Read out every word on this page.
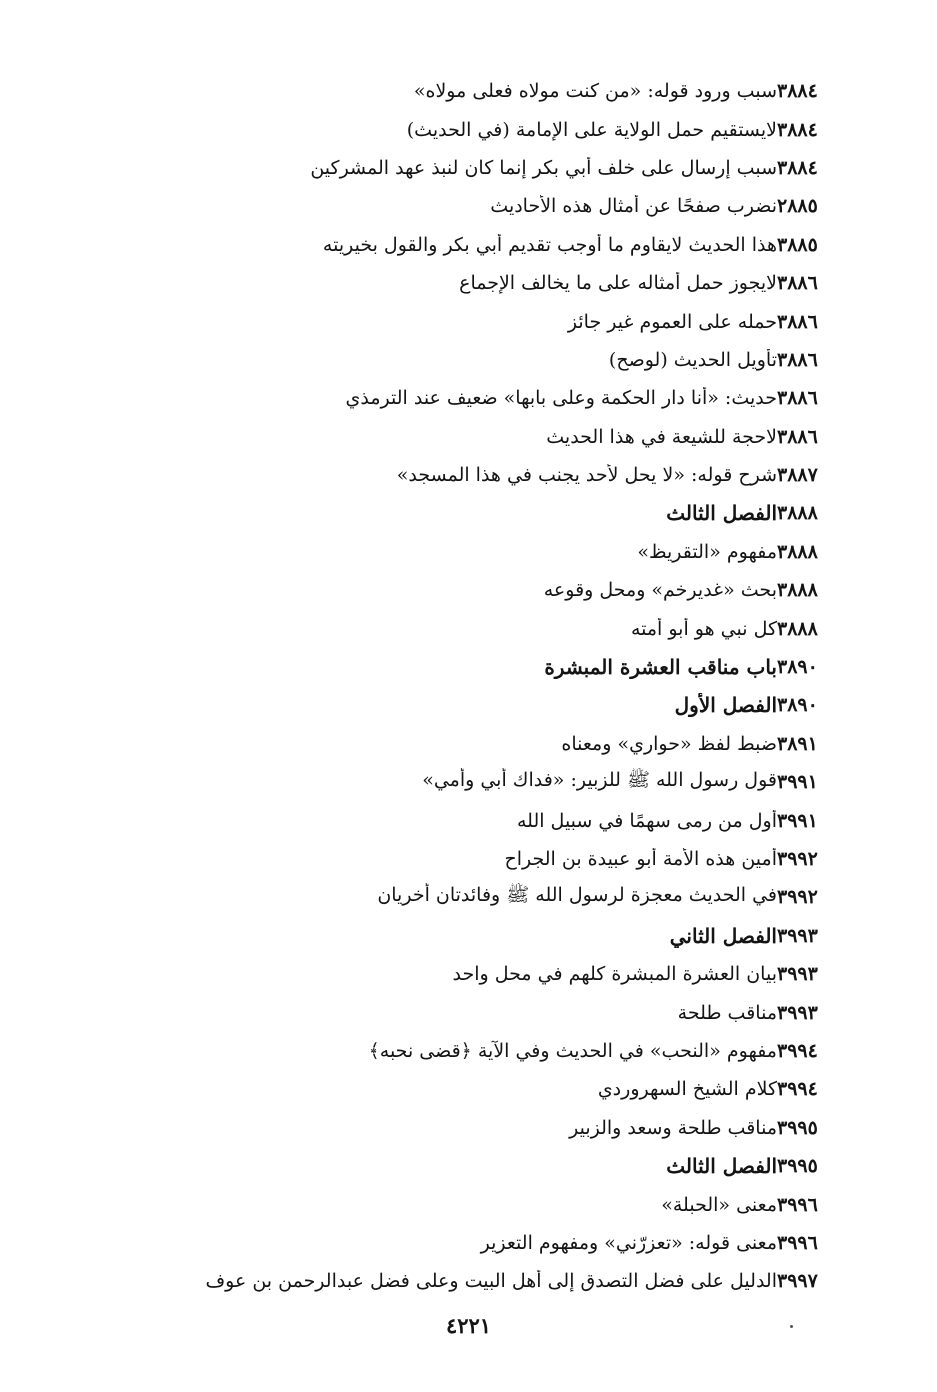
سبب ورود قوله: «من كنت مولاه فعلى مولاه» ٣٨٨٤
لايستقيم حمل الولاية على الإمامة (في الحديث) ٣٨٨٤
سبب إرسال على خلف أبي بكر إنما كان لنبذ عهد المشركين ٣٨٨٤
نضرب صفحًا عن أمثال هذه الأحاديث ٢٨٨٥
هذا الحديث لايقاوم ما أوجب تقديم أبي بكر والقول بخيريته ٣٨٨٥
لايجوز حمل أمثاله على ما يخالف الإجماع ٣٨٨٦
حمله على العموم غير جائز ٣٨٨٦
تأويل الحديث (لوصح) ٣٨٨٦
حديث: «أنا دار الحكمة وعلى بابها» ضعيف عند الترمذي ٣٨٨٦
لاحجة للشيعة في هذا الحديث ٣٨٨٦
شرح قوله: «لا يحل لأحد يجنب في هذا المسجد» ٣٨٨٧
الفصل الثالث ٣٨٨٨
مفهوم «التقريظ» ٣٨٨٨
بحث «غديرخم» ومحل وقوعه ٣٨٨٨
كل نبي هو أبو أمته ٣٨٨٨
باب مناقب العشرة المبشرة ٣٨٩٠
الفصل الأول ٣٨٩٠
ضبط لفظ «حواري» ومعناه ٣٨٩١
قول رسول الله ﷺ للزبير: «فداك أبي وأمي» ٣٩٩١
أول من رمى سهمًا في سبيل الله ٣٩٩١
أمين هذه الأمة أبو عبيدة بن الجراح ٣٩٩٢
في الحديث معجزة لرسول الله ﷺ وفائدتان أخريان ٣٩٩٢
الفصل الثاني ٣٩٩٣
بيان العشرة المبشرة كلهم في محل واحد ٣٩٩٣
مناقب طلحة ٣٩٩٣
مفهوم «النحب» في الحديث وفي الآية ﴿قضى نحبه﴾ ٣٩٩٤
كلام الشيخ السهروردي ٣٩٩٤
مناقب طلحة وسعد والزبير ٣٩٩٥
الفصل الثالث ٣٩٩٥
معنى «الحبلة» ٣٩٩٦
معنى قوله: «تعزرّني» ومفهوم التعزير ٣٩٩٦
الدليل على فضل التصدق إلى أهل البيت وعلى فضل عبدالرحمن بن عوف ٣٩٩٧
٤٢٢١
